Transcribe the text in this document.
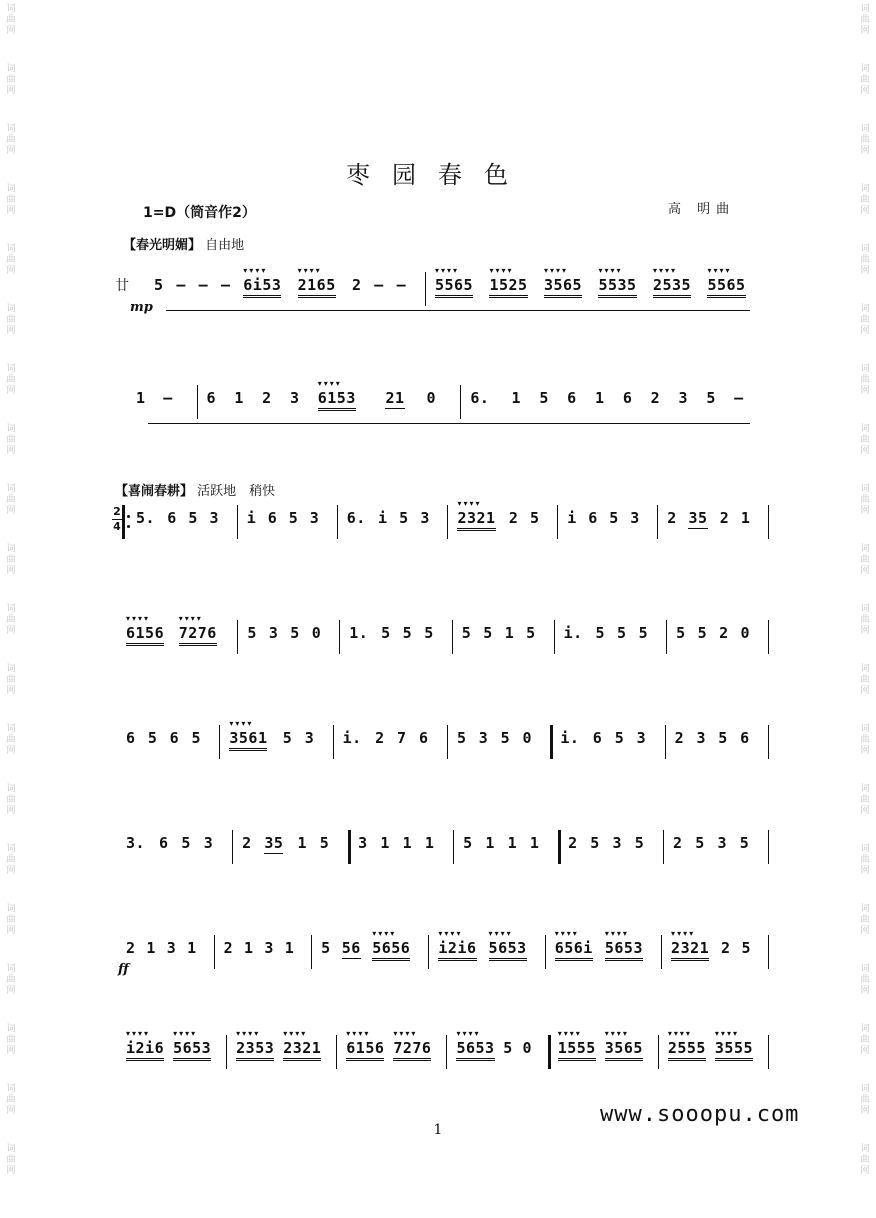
词
曲
网
词
曲
网
词
曲
网
词
曲
网
词
曲
网
词
曲
网
词
曲
网
词
曲
网
词
曲
网
词
曲
网
词
曲
网
词
曲
网
词
曲
网
词
曲
网
词
曲
网
词
曲
网
词
曲
网
词
曲
网
词
曲
网
词
曲
网
词
曲
网
词
曲
网
词
曲
网
词
曲
网
词
曲
网
词
曲
网
词
曲
网
词
曲
网
词
曲
网
词
曲
网
词
曲
网
词
曲
网
词
曲
网
词
曲
网
词
曲
网
词
曲
网
词
曲
网
词
曲
网
词
曲
网
词
曲
网
枣园春色
1=D（筒音作2）	高 明曲
【春光明媚】 自由地
【喜闹春耕】 活跃地　稍快
廿
mp
ff
2
4
5 – – – 6i53
▾▾▾▾
2165
▾▾▾▾
2 – – 5565
▾▾▾▾
1525
▾▾▾▾
3565
▾▾▾▾
5535
▾▾▾▾
2535
▾▾▾▾
5565
▾▾▾▾
1 – 6 1 2 3 6153
▾▾▾▾
21 0 6. 1 5 6 1 6 2 3 5 –
5. 6 5 3 i 6 5 3 6. i 5 3 2321
▾▾▾▾
2 5 i 6 5 3 2 35 2 1
6156
▾▾▾▾
7276
▾▾▾▾
5 3 5 0 1. 5 5 5 5 5 1 5 i. 5 5 5 5 5 2 0
6 5 6 5 3561
▾▾▾▾
5 3 i. 2 7 6 5 3 5 0 i. 6 5 3 2 3 5 6
3. 6 5 3 2 35 1 5 3 1 1 1 5 1 1 1 2 5 3 5 2 5 3 5
2 1 3 1 2 1 3 1 5 56 5656
▾▾▾▾
i2i6
▾▾▾▾
5653
▾▾▾▾
656i
▾▾▾▾
5653
▾▾▾▾
2321
▾▾▾▾
2 5
i2i6
▾▾▾▾
5653
▾▾▾▾
2353
▾▾▾▾
2321
▾▾▾▾
6156
▾▾▾▾
7276
▾▾▾▾
5653
▾▾▾▾
5 0 1555
▾▾▾▾
3565
▾▾▾▾
2555
▾▾▾▾
3555
▾▾▾▾
1
www.sooopu.com
